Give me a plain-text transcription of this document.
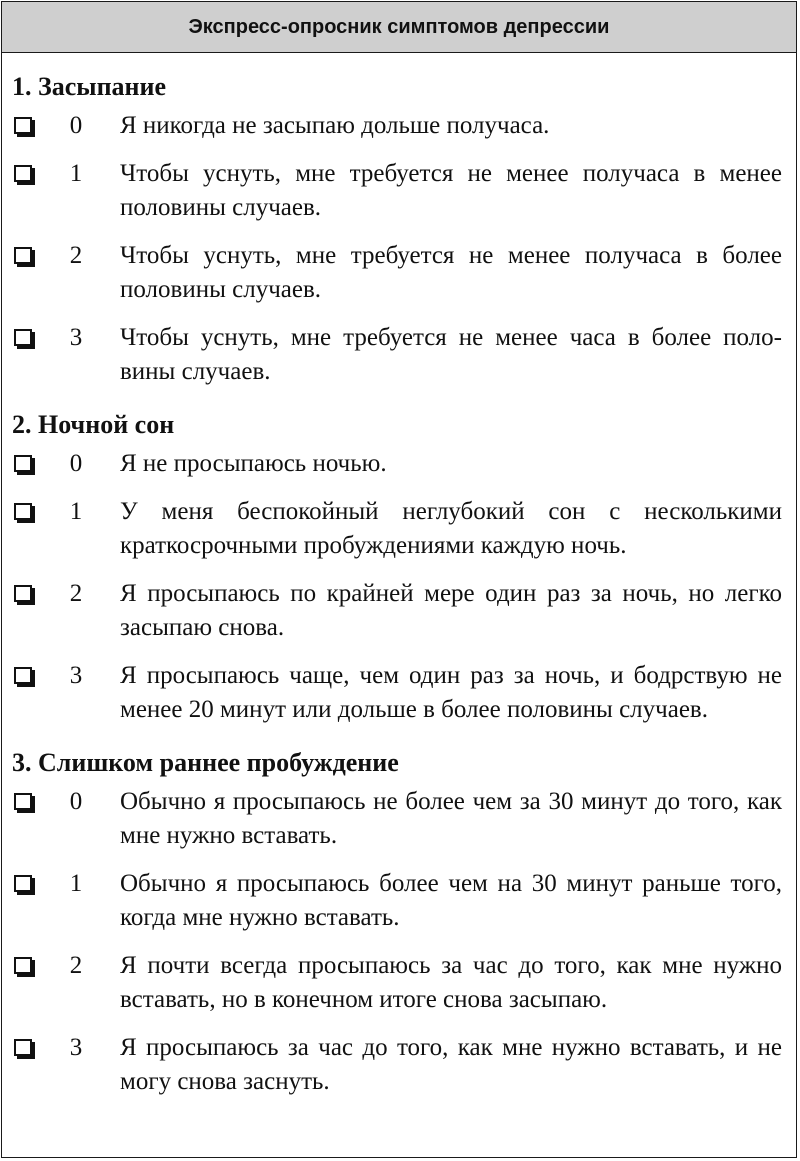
Экспресс-опросник симптомов депрессии
1. Засыпание
0	Я никогда не засыпаю дольше получаса.
1	Чтобы уснуть, мне требуется не менее получаса в менее половины случаев.
2	Чтобы уснуть, мне требуется не менее получаса в более половины случаев.
3	Чтобы уснуть, мне требуется не менее часа в более поло-вины случаев.
2. Ночной сон
0	Я не просыпаюсь ночью.
1	У меня беспокойный неглубокий сон с несколькими краткосрочными пробуждениями каждую ночь.
2	Я просыпаюсь по крайней мере один раз за ночь, но легко засыпаю снова.
3	Я просыпаюсь чаще, чем один раз за ночь, и бодрствую не менее 20 минут или дольше в более половины случаев.
3. Слишком раннее пробуждение
0	Обычно я просыпаюсь не более чем за 30 минут до того, как мне нужно вставать.
1	Обычно я просыпаюсь более чем на 30 минут раньше того, когда мне нужно вставать.
2	Я почти всегда просыпаюсь за час до того, как мне нужно вставать, но в конечном итоге снова засыпаю.
3	Я просыпаюсь за час до того, как мне нужно вставать, и не могу снова заснуть.
